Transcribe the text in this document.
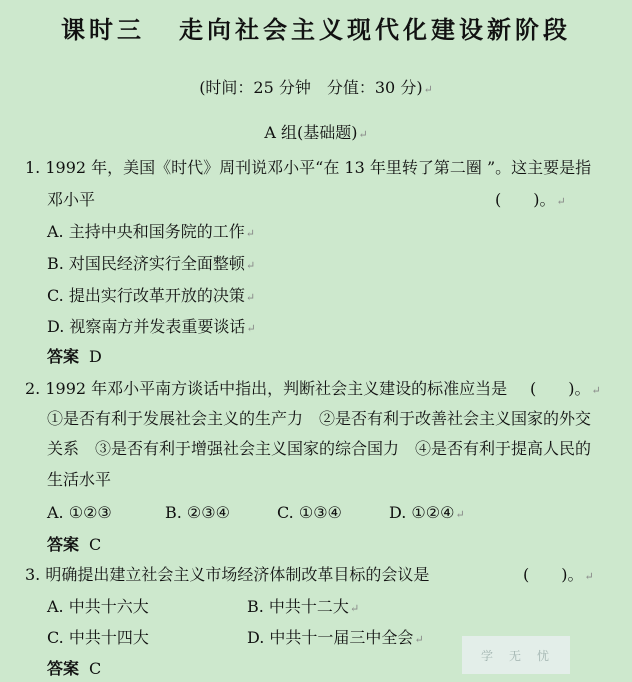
课时三 走向社会主义现代化建设新阶段
(时间：25 分钟　分值：30 分)↵
A 组(基础题)↵
1. 1992 年，美国《时代》周刊说邓小平“在 13 年里转了第二圈 ”。这主要是指
邓小平	(　　)。↵
A. 主持中央和国务院的工作↵
B. 对国民经济实行全面整顿↵
C. 提出实行改革开放的决策↵
D. 视察南方并发表重要谈话↵
答案 D
2. 1992 年邓小平南方谈话中指出，判断社会主义建设的标准应当是 (　　)。↵
①是否有利于发展社会主义的生产力　②是否有利于改善社会主义国家的外交
关系　③是否有利于增强社会主义国家的综合国力　④是否有利于提高人民的
生活水平
A. ①②③	B. ②③④	C. ①③④	D. ①②④↵
答案 C
3. 明确提出建立社会主义市场经济体制改革目标的会议是	(　　)。↵
A. 中共十六大	B. 中共十二大↵
C. 中共十四大	D. 中共十一届三中全会↵
答案 C
学　无　忧
